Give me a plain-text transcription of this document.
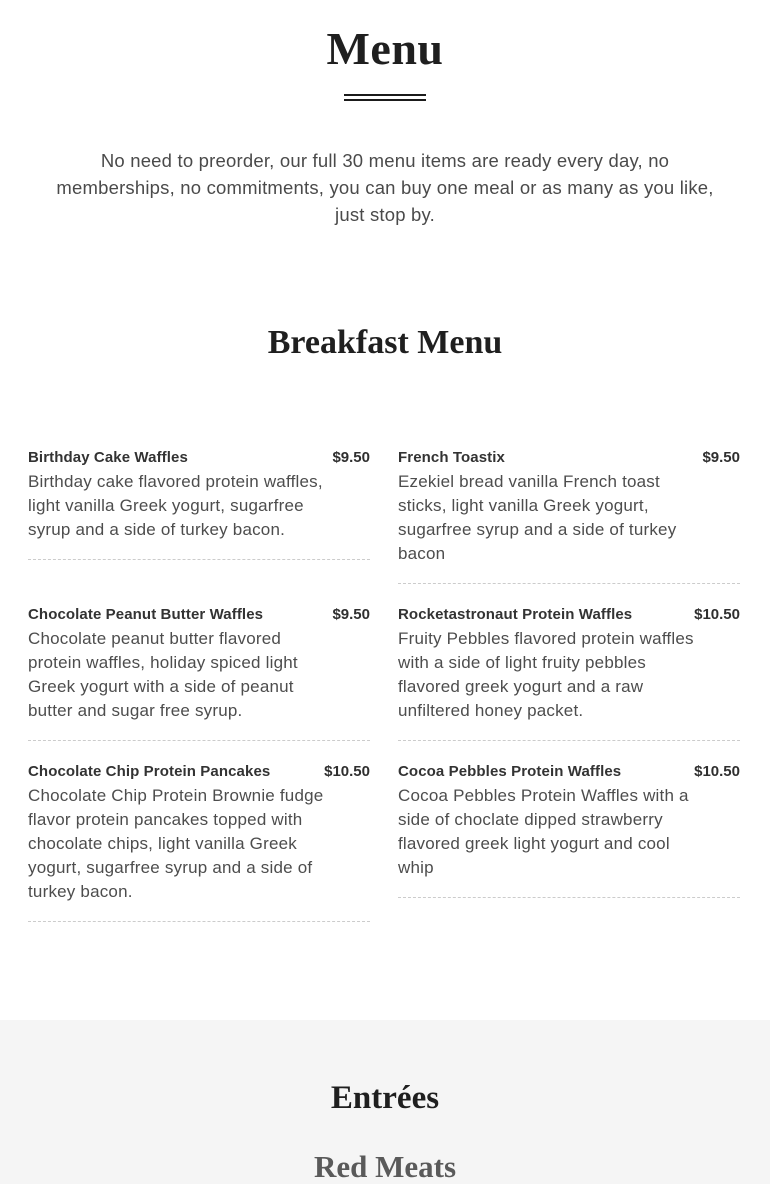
Menu

No need to preorder, our full 30 menu items are ready every day, no memberships, no commitments, you can buy one meal or as many as you like, just stop by.

Breakfast Menu
Birthday Cake Waffles	$9.50

Birthday cake flavored protein waffles, light vanilla Greek yogurt, sugarfree syrup and a side of turkey bacon.

French Toastix	$9.50

Ezekiel bread vanilla French toast sticks, light vanilla Greek yogurt, sugarfree syrup and a side of turkey bacon

Chocolate Peanut Butter Waffles	$9.50

Chocolate peanut butter flavored protein waffles, holiday spiced light Greek yogurt with a side of peanut butter and sugar free syrup.

Rocketastronaut Protein Waffles	$10.50

Fruity Pebbles flavored protein waffles with a side of light fruity pebbles flavored greek yogurt and a raw unfiltered honey packet.

Chocolate Chip Protein Pancakes	$10.50

Chocolate Chip Protein Brownie fudge flavor protein pancakes topped with chocolate chips, light vanilla Greek yogurt, sugarfree syrup and a side of turkey bacon.

Cocoa Pebbles Protein Waffles	$10.50

Cocoa Pebbles Protein Waffles with a side of choclate dipped strawberry flavored greek light yogurt and cool whip

Entrées
Red Meats
